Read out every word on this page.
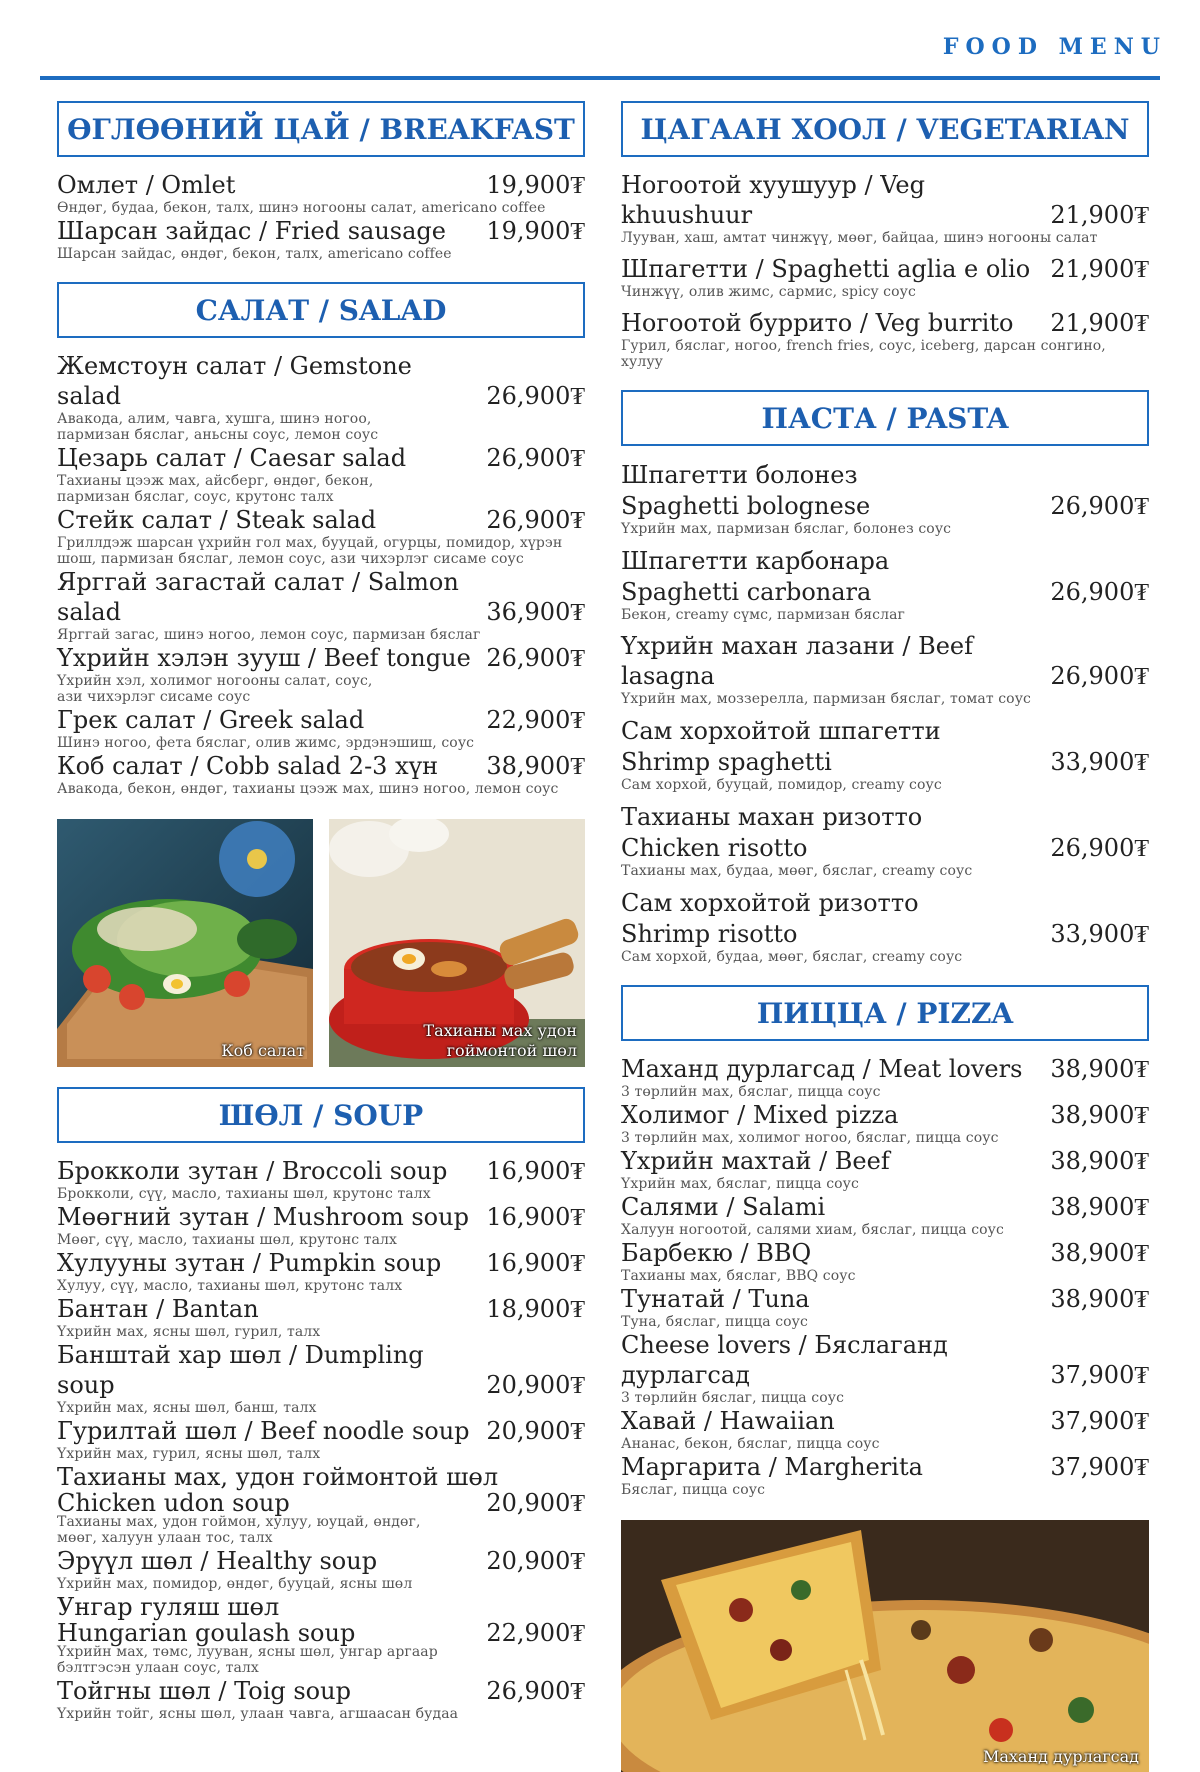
FOOD MENU
ӨГЛӨӨНИЙ ЦАЙ / BREAKFAST
Омлет / Omlet	19,900₮
Өндөг, будаа, бекон, талх, шинэ ногооны салат, americano coffee
Шарсан зайдас / Fried sausage	19,900₮
Шарсан зайдас, өндөг, бекон, талх, americano coffee
САЛАТ / SALAD
Жемстоун салат / Gemstone salad	26,900₮
Авакода, алим, чавга, хушга, шинэ ногоо,
пармизан бяслаг, аньсны соус, лемон соус
Цезарь салат / Caesar salad	26,900₮
Тахианы цээж мах, айсберг, өндөг, бекон,
пармизан бяслаг, соус, крутонс талх
Стейк салат / Steak salad	26,900₮
Гриллдэж шарсан үхрийн гол мах, бууцай, огурцы, помидор, хүрэн
шош, пармизан бяслаг, лемон соус, ази чихэрлэг сисаме соус
Ярггай загастай салат / Salmon salad	36,900₮
Ярггай загас, шинэ ногоо, лемон соус, пармизан бяслаг
Үхрийн хэлэн зууш / Beef tongue 26,900₮
Үхрийн хэл, холимог ногооны салат, соус,
ази чихэрлэг сисаме соус
Грек салат / Greek salad	22,900₮
Шинэ ногоо, фета бяслаг, олив жимс, эрдэнэшиш, соус
Коб салат / Cobb salad 2-3 хүн	38,900₮
Авакода, бекон, өндөг, тахианы цээж мах, шинэ ногоо, лемон соус
Коб салат
Тахианы мах удон
гоймонтой шөл
ШӨЛ / SOUP
Брокколи зутан / Broccoli soup	16,900₮
Брокколи, сүү, масло, тахианы шөл, крутонс талх
Мөөгний зутан / Mushroom soup 16,900₮
Мөөг, сүү, масло, тахианы шөл, крутонс талх
Хулууны зутан / Pumpkin soup	16,900₮
Хулуу, сүү, масло, тахианы шөл, крутонс талх
Бантан / Bantan	18,900₮
Үхрийн мах, ясны шөл, гурил, талх
Банштай хар шөл / Dumpling soup	20,900₮
Үхрийн мах, ясны шөл, банш, талх
Гурилтай шөл / Beef noodle soup 20,900₮
Үхрийн мах, гурил, ясны шөл, талх
Тахианы мах, удон гоймонтой шөл
Chicken udon soup	20,900₮
Тахианы мах, удон гоймон, хулуу, юуцай, өндөг,
мөөг, халуун улаан тос, талх
Эрүүл шөл / Healthy soup	20,900₮
Үхрийн мах, помидор, өндөг, бууцай, ясны шөл
Унгар гуляш шөл
Hungarian goulash soup	22,900₮
Үхрийн мах, төмс, лууван, ясны шөл, унгар аргаар
бэлтгэсэн улаан соус, талх
Тойгны шөл / Toig soup	26,900₮
Үхрийн тойг, ясны шөл, улаан чавга, агшаасан будаа
ЦАГААН ХООЛ / VEGETARIAN
Ногоотой хуушуур / Veg khuushuur	21,900₮
Лууван, хаш, амтат чинжүү, мөөг, байцаа, шинэ ногооны салат
Шпагетти / Spaghetti aglia e olio 21,900₮
Чинжүү, олив жимс, сармис, spicy соус
Ногоотой буррито / Veg burrito	21,900₮
Гурил, бяслаг, ногоо, french fries, соус, iceberg, дарсан сонгино, хулуу
ПАСТА / PASTA
Шпагетти болонез
Spaghetti bolognese	26,900₮
Үхрийн мах, пармизан бяслаг, болонез соус
Шпагетти карбонара
Spaghetti carbonara	26,900₮
Бекон, creamy сүмс, пармизан бяслаг
Үхрийн махан лазани / Beef lasagna	26,900₮
Үхрийн мах, моззерелла, пармизан бяслаг, томат соус
Сам хорхойтой шпагетти
Shrimp spaghetti	33,900₮
Сам хорхой, бууцай, помидор, creamy соус
Тахианы махан ризотто
Chicken risotto	26,900₮
Тахианы мах, будаа, мөөг, бяслаг, creamy соус
Сам хорхойтой ризотто
Shrimp risotto	33,900₮
Сам хорхой, будаа, мөөг, бяслаг, creamy соус
ПИЦЦА / PIZZA
Маханд дурлагсад / Meat lovers	38,900₮
3 төрлийн мах, бяслаг, пицца соус
Холимог / Mixed pizza	38,900₮
3 төрлийн мах, холимог ногоо, бяслаг, пицца соус
Үхрийн махтай / Beef	38,900₮
Үхрийн мах, бяслаг, пицца соус
Салями / Salami	38,900₮
Халуун ногоотой, салями хиам, бяслаг, пицца соус
Барбекю / BBQ	38,900₮
Тахианы мах, бяслаг, BBQ соус
Тунатай / Tuna	38,900₮
Туна, бяслаг, пицца соус
Cheese lovers / Бяслаганд дурлагсад	37,900₮
3 төрлийн бяслаг, пицца соус
Хавай / Hawaiian	37,900₮
Ананас, бекон, бяслаг, пицца соус
Маргарита / Margherita	37,900₮
Бяслаг, пицца соус
Маханд дурлагсад
